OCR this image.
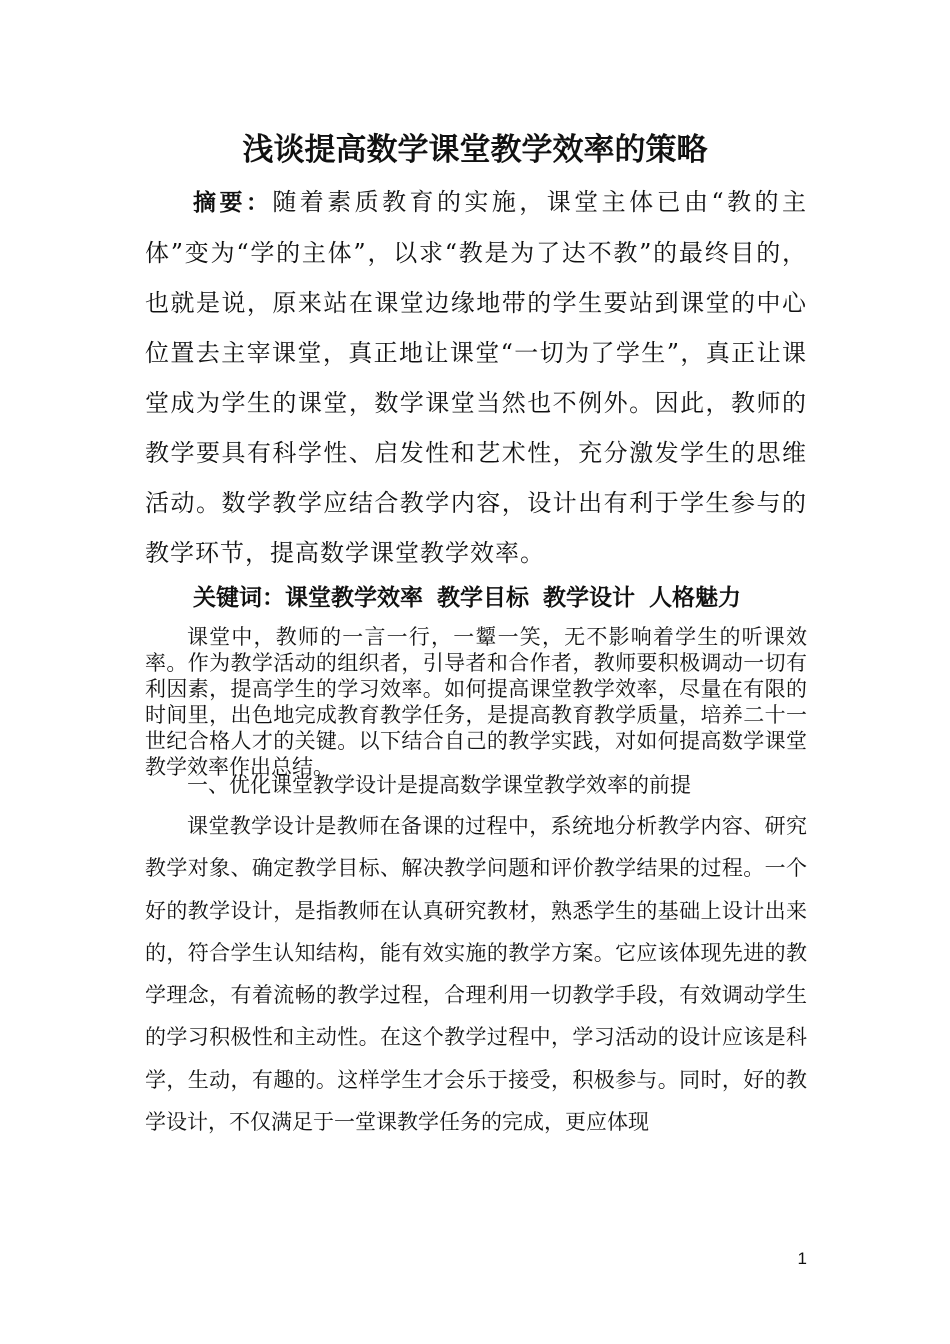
浅谈提高数学课堂教学效率的策略

摘要：随着素质教育的实施，课堂主体已由“教的主体”变为“学的主体”，以求“教是为了达不教”的最终目的，也就是说，原来站在课堂边缘地带的学生要站到课堂的中心位置去主宰课堂，真正地让课堂“一切为了学生”，真正让课堂成为学生的课堂，数学课堂当然也不例外。因此，教师的教学要具有科学性、启发性和艺术性，充分激发学生的思维活动。数学教学应结合教学内容，设计出有利于学生参与的教学环节，提高数学课堂教学效率。

关键词：课堂教学效率 教学目标 教学设计 人格魅力

课堂中，教师的一言一行，一颦一笑，无不影响着学生的听课效率。作为教学活动的组织者，引导者和合作者，教师要积极调动一切有利因素，提高学生的学习效率。如何提高课堂教学效率，尽量在有限的时间里，出色地完成教育教学任务，是提高教育教学质量，培养二十一世纪合格人才的关键。以下结合自己的教学实践，对如何提高数学课堂教学效率作出总结。

一、优化课堂教学设计是提高数学课堂教学效率的前提

课堂教学设计是教师在备课的过程中，系统地分析教学内容、研究教学对象、确定教学目标、解决教学问题和评价教学结果的过程。一个好的教学设计，是指教师在认真研究教材，熟悉学生的基础上设计出来的，符合学生认知结构，能有效实施的教学方案。它应该体现先进的教学理念，有着流畅的教学过程，合理利用一切教学手段，有效调动学生的学习积极性和主动性。在这个教学过程中，学习活动的设计应该是科学，生动，有趣的。这样学生才会乐于接受，积极参与。同时，好的教学设计，不仅满足于一堂课教学任务的完成，更应体现

1
